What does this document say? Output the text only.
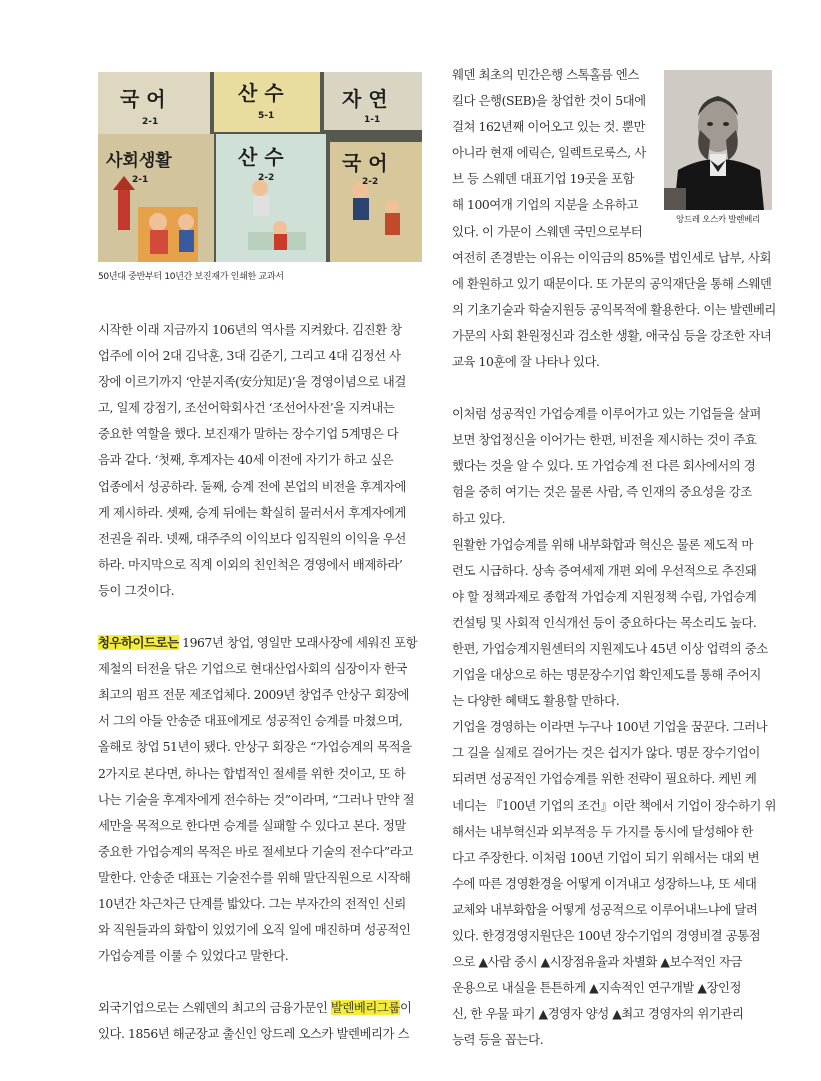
국 어
2-1
산 수
5-1
자 연
1-1
사회생활
2-1
산 수
2-2
국 어
2-2
50년대 중반부터 10년간 보진재가 인쇄한 교과서
앙드레 오스카 발렌베리

시작한 이래 지금까지 106년의 역사를 지켜왔다. 김진환 창

업주에 이어 2대 김낙훈, 3대 김준기, 그리고 4대 김정선 사

장에 이르기까지 ‘안분지족(安分知足)’을 경영이념으로 내걸

고, 일제 강점기, 조선어학회사건 ‘조선어사전’을 지켜내는

중요한 역할을 했다. 보진재가 말하는 장수기업 5계명은 다

음과 같다. ‘첫째, 후계자는 40세 이전에 자기가 하고 싶은

업종에서 성공하라. 둘째, 승계 전에 본업의 비전을 후계자에

게 제시하라. 셋째, 승계 뒤에는 확실히 물러서서 후계자에게

전권을 줘라. 넷째, 대주주의 이익보다 임직원의 이익을 우선

하라. 마지막으로 직계 이외의 친인척은 경영에서 배제하라’

등이 그것이다.

청우하이드로는 1967년 창업, 영일만 모래사장에 세워진 포항

제철의 터전을 닦은 기업으로 현대산업사회의 심장이자 한국

최고의 펌프 전문 제조업체다. 2009년 창업주 안상구 회장에

서 그의 아들 안송준 대표에게로 성공적인 승계를 마쳤으며,

올해로 창업 51년이 됐다. 안상구 회장은 “가업승계의 목적을

2가지로 본다면, 하나는 합법적인 절세를 위한 것이고, 또 하

나는 기술을 후계자에게 전수하는 것”이라며, “그러나 만약 절

세만을 목적으로 한다면 승계를 실패할 수 있다고 본다. 정말

중요한 가업승계의 목적은 바로 절세보다 기술의 전수다”라고

말한다. 안송준 대표는 기술전수를 위해 말단직원으로 시작해

10년간 차근차근 단계를 밟았다. 그는 부자간의 전적인 신뢰

와 직원들과의 화합이 있었기에 오직 일에 매진하며 성공적인

가업승계를 이룰 수 있었다고 말한다.

외국기업으로는 스웨덴의 최고의 금융가문인 발렌베리그룹이

있다. 1856년 해군장교 출신인 앙드레 오스카 발렌베리가 스

웨덴 최초의 민간은행 스톡홀름 엔스

킬다 은행(SEB)을 창업한 것이 5대에

걸쳐 162년째 이어오고 있는 것. 뿐만

아니라 현재 에릭슨, 일렉트로룩스, 사

브 등 스웨덴 대표기업 19곳을 포함

해 100여개 기업의 지분을 소유하고

있다. 이 가문이 스웨덴 국민으로부터

여전히 존경받는 이유는 이익금의 85%를 법인세로 납부, 사회

에 환원하고 있기 때문이다. 또 가문의 공익재단을 통해 스웨덴

의 기초기술과 학술지원등 공익목적에 활용한다. 이는 발렌베리

가문의 사회 환원정신과 검소한 생활, 애국심 등을 강조한 자녀

교육 10훈에 잘 나타나 있다.

이처럼 성공적인 가업승계를 이루어가고 있는 기업들을 살펴

보면 창업정신을 이어가는 한편, 비전을 제시하는 것이 주효

했다는 것을 알 수 있다. 또 가업승계 전 다른 회사에서의 경

험을 중히 여기는 것은 물론 사람, 즉 인재의 중요성을 강조

하고 있다.

원활한 가업승계를 위해 내부화합과 혁신은 물론 제도적 마

련도 시급하다. 상속 증여세제 개편 외에 우선적으로 추진돼

야 할 정책과제로 종합적 가업승계 지원정책 수립, 가업승계

컨설팅 및 사회적 인식개선 등이 중요하다는 목소리도 높다.

한편, 가업승계지원센터의 지원제도나 45년 이상 업력의 중소

기업을 대상으로 하는 명문장수기업 확인제도를 통해 주어지

는 다양한 혜택도 활용할 만하다.

기업을 경영하는 이라면 누구나 100년 기업을 꿈꾼다. 그러나

그 길을 실제로 걸어가는 것은 쉽지가 않다. 명문 장수기업이

되려면 성공적인 가업승계를 위한 전략이 필요하다. 케빈 케

네디는 『100년 기업의 조건』이란 책에서 기업이 장수하기 위

해서는 내부혁신과 외부적응 두 가지를 동시에 달성해야 한

다고 주장한다. 이처럼 100년 기업이 되기 위해서는 대외 변

수에 따른 경영환경을 어떻게 이겨내고 성장하느냐, 또 세대

교체와 내부화합을 어떻게 성공적으로 이루어내느냐에 달려

있다. 한경경영지원단은 100년 장수기업의 경영비결 공통점

으로 ▲사람 중시 ▲시장점유율과 차별화 ▲보수적인 자금

운용으로 내실을 튼튼하게 ▲지속적인 연구개발 ▲장인정

신, 한 우물 파기 ▲경영자 양성 ▲최고 경영자의 위기관리

능력 등을 꼽는다.
